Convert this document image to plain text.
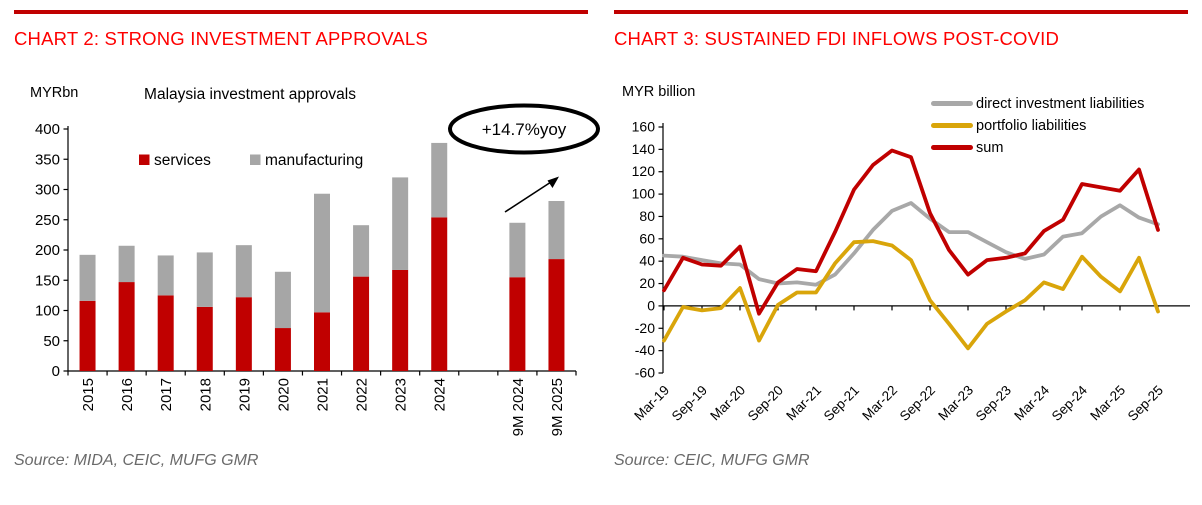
CHART 2: STRONG INVESTMENT APPROVALS
MYRbn	Malaysia investment approvals
0
50
100
150
200
250
300
350
400
2015 2016 2017 2018 2019 2020 2021 2022 2023 2024	9M 2024 9M 2025
services	manufacturing
+14.7%yoy
Source: MIDA, CEIC, MUFG GMR
CHART 3: SUSTAINED FDI INFLOWS POST-COVID
MYR billion
160
140
120
100
80
60
40
20
0
-20
-40
-60
Mar-19
Sep-19
Mar-20
Sep-20
Mar-21
Sep-21
Mar-22
Sep-22
Mar-23
Sep-23
Mar-24
Sep-24
Mar-25
Sep-25
direct investment liabilities
portfolio liabilities
sum
Source: CEIC, MUFG GMR
